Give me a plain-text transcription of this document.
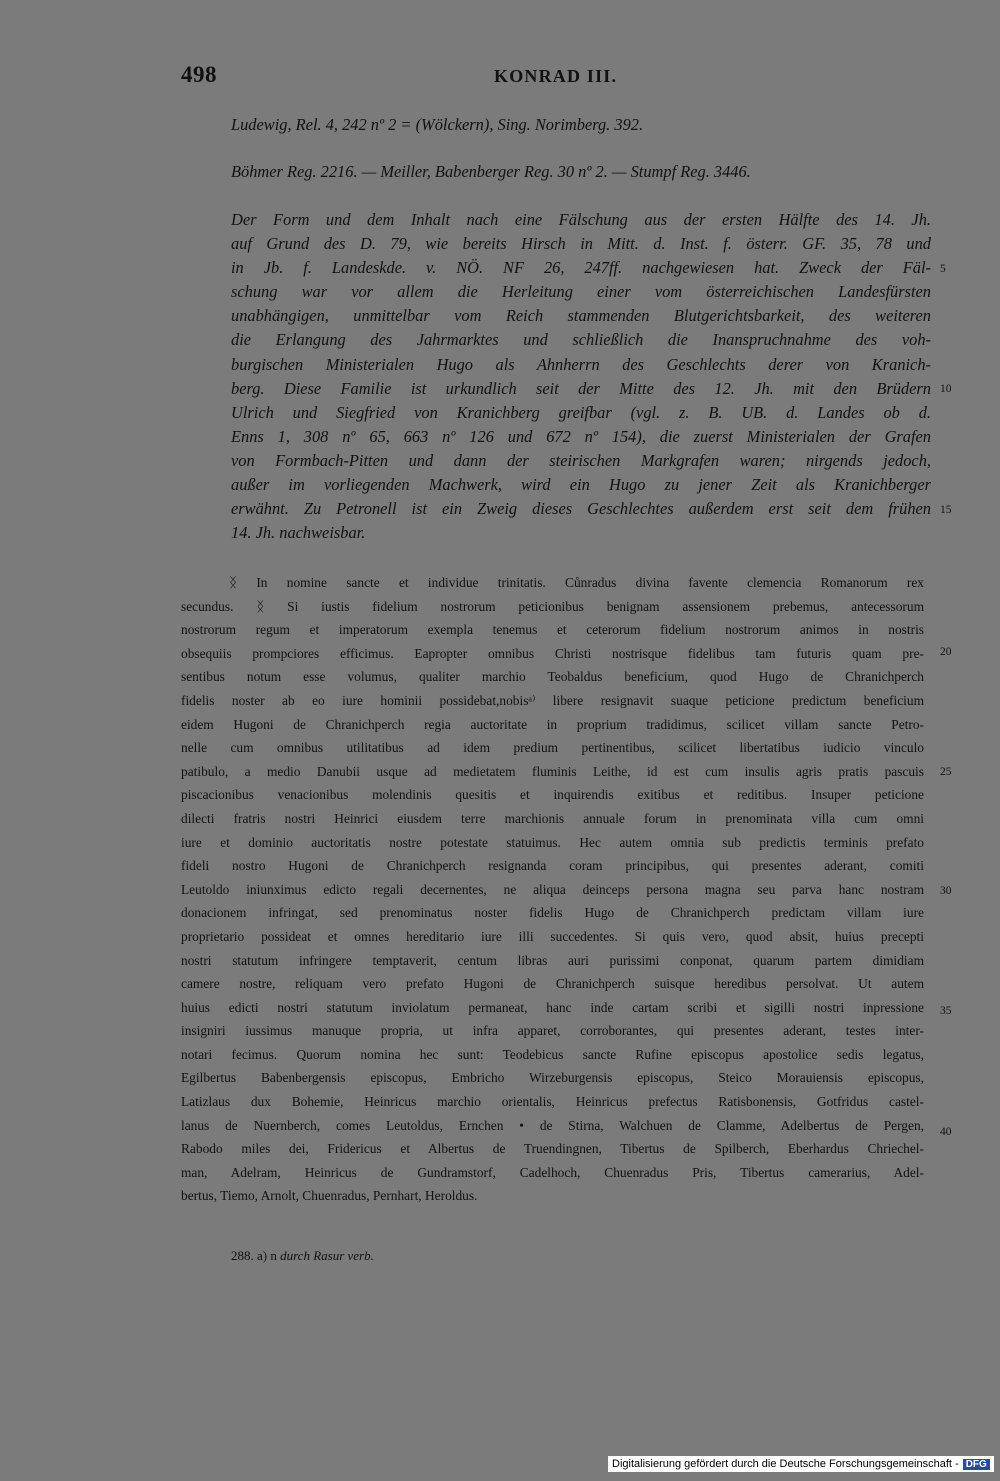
498	KONRAD III.
Ludewig, Rel. 4, 242 nº 2 = (Wölckern), Sing. Norimberg. 392.
Böhmer Reg. 2216. — Meiller, Babenberger Reg. 30 nº 2. — Stumpf Reg. 3446.
Der Form und dem Inhalt nach eine Fälschung aus der ersten Hälfte des 14. Jh.
auf Grund des D. 79, wie bereits Hirsch in Mitt. d. Inst. f. österr. GF. 35, 78 und
in Jb. f. Landeskde. v. NÖ. NF 26, 247ff. nachgewiesen hat. Zweck der Fäl-
schung war vor allem die Herleitung einer vom österreichischen Landesfürsten
unabhängigen, unmittelbar vom Reich stammenden Blutgerichtsbarkeit, des weiteren
die Erlangung des Jahrmarktes und schließlich die Inanspruchnahme des voh-
burgischen Ministerialen Hugo als Ahnherrn des Geschlechts derer von Kranich-
berg. Diese Familie ist urkundlich seit der Mitte des 12. Jh. mit den Brüdern
Ulrich und Siegfried von Kranichberg greifbar (vgl. z. B. UB. d. Landes ob d.
Enns 1, 308 nº 65, 663 nº 126 und 672 nº 154), die zuerst Ministerialen der Grafen
von Formbach-Pitten und dann der steirischen Markgrafen waren; nirgends jedoch,
außer im vorliegenden Machwerk, wird ein Hugo zu jener Zeit als Kranichberger
erwähnt. Zu Petronell ist ein Zweig dieses Geschlechtes außerdem erst seit dem frühen
14. Jh. nachweisbar.
5
10
15
ᛝ In nomine sancte et individue trinitatis. Cůnradus divina favente clemencia Romanorum rex
secundus. ᛝ Si iustis fidelium nostrorum peticionibus benignam assensionem prebemus, antecessorum
nostrorum regum et imperatorum exempla tenemus et ceterorum fidelium nostrorum animos in nostris
obsequiis prompciores efficimus. Eapropter omnibus Christi nostrisque fidelibus tam futuris quam pre-
sentibus notum esse volumus, qualiter marchio Teobaldus beneficium, quod Hugo de Chranichperch
fidelis noster ab eo iure hominii possidebat,nobisᵃ⁾ libere resignavit suaque peticione predictum beneficium
eidem Hugoni de Chranichperch regia auctoritate in proprium tradidimus, scilicet villam sancte Petro-
nelle cum omnibus utilitatibus ad idem predium pertinentibus, scilicet libertatibus iudicio vinculo
patibulo, a medio Danubii usque ad medietatem fluminis Leithe, id est cum insulis agris pratis pascuis
piscacionibus venacionibus molendinis quesitis et inquirendis exitibus et reditibus. Insuper peticione
dilecti fratris nostri Heinrici eiusdem terre marchionis annuale forum in prenominata villa cum omni
iure et dominio auctoritatis nostre potestate statuimus. Hec autem omnia sub predictis terminis prefato
fideli nostro Hugoni de Chranichperch resignanda coram principibus, qui presentes aderant, comiti
Leutoldo iniunximus edicto regali decernentes, ne aliqua deinceps persona magna seu parva hanc nostram
donacionem infringat, sed prenominatus noster fidelis Hugo de Chranichperch predictam villam iure
proprietario possideat et omnes hereditario iure illi succedentes. Si quis vero, quod absit, huius precepti
nostri statutum infringere temptaverit, centum libras auri purissimi conponat, quarum partem dimidiam
camere nostre, reliquam vero prefato Hugoni de Chranichperch suisque heredibus persolvat. Ut autem
huius edicti nostri statutum inviolatum permaneat, hanc inde cartam scribi et sigilli nostri inpressione
insigniri iussimus manuque propria, ut infra apparet, corroborantes, qui presentes aderant, testes inter-
notari fecimus. Quorum nomina hec sunt: Teodebicus sancte Rufine episcopus apostolice sedis legatus,
Egilbertus Babenbergensis episcopus, Embricho Wirzeburgensis episcopus, Steico Morauiensis episcopus,
Latizlaus dux Bohemie, Heinricus marchio orientalis, Heinricus prefectus Ratisbonensis, Gotfridus castel-
lanus de Nuernberch, comes Leutoldus, Ernchen • de Stirna, Walchuen de Clamme, Adelbertus de Pergen,
Rabodo miles dei, Fridericus et Albertus de Truendingnen, Tibertus de Spilberch, Eberhardus Chriechel-
man, Adelram, Heinricus de Gundramstorf, Cadelhoch, Chuenradus Pris, Tibertus camerarius, Adel-
bertus, Tiemo, Arnolt, Chuenradus, Pernhart, Heroldus.
20
25
30
35
40
288. a) n durch Rasur verb.
Digitalisierung gefördert durch die Deutsche Forschungsgemeinschaft - DFG
